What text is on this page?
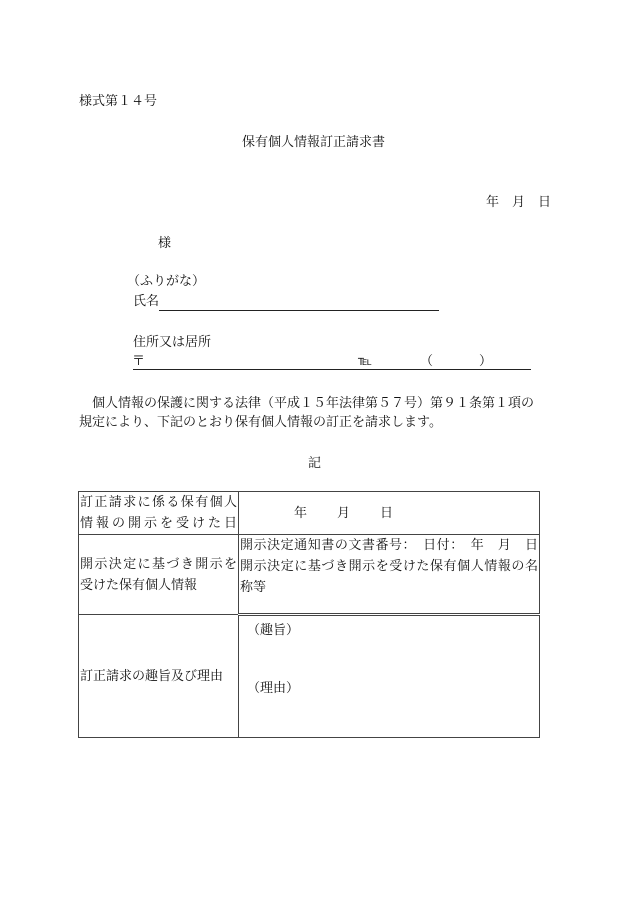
様式第１４号
保有個人情報訂正請求書
年 月 日
様
（ふりがな）
氏名
住所又は居所
〒	℡	（	）
個人情報の保護に関する法律（平成１５年法律第５７号）第９１条第１項の
規定により、下記のとおり保有個人情報の訂正を請求します。
記
訂正請求に係る保有個人
情報の開示を受けた日	年 月 日

開示決定に基づき開示を
受けた保有個人情報	開示決定通知書の文書番号：　日付：　年　月　日
開示決定に基づき開示を受けた保有個人情報の名
称等

訂正請求の趣旨及び理由	（趣旨）
（理由）
